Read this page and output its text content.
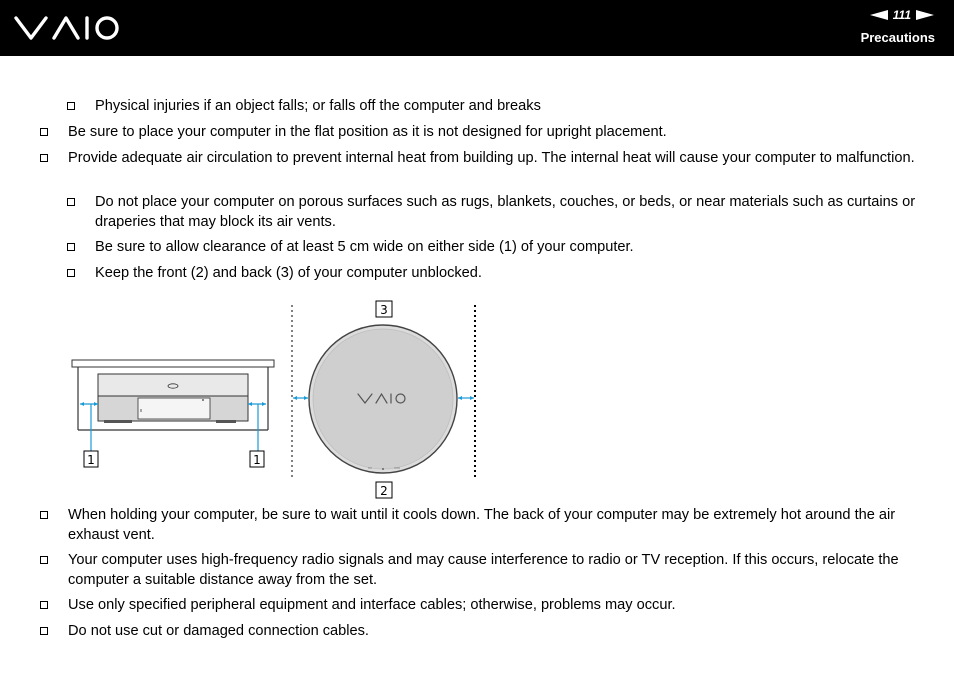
111
Precautions
Physical injuries if an object falls; or falls off the computer and breaks
Be sure to place your computer in the flat position as it is not designed for upright placement.
Provide adequate air circulation to prevent internal heat from building up. The internal heat will cause your computer to malfunction.
Do not place your computer on porous surfaces such as rugs, blankets, couches, or beds, or near materials such as curtains or draperies that may block its air vents.
Be sure to allow clearance of at least 5 cm wide on either side (1) of your computer.
Keep the front (2) and back (3) of your computer unblocked.
1	1
3
2
When holding your computer, be sure to wait until it cools down. The back of your computer may be extremely hot around the air exhaust vent.
Your computer uses high-frequency radio signals and may cause interference to radio or TV reception. If this occurs, relocate the computer a suitable distance away from the set.
Use only specified peripheral equipment and interface cables; otherwise, problems may occur.
Do not use cut or damaged connection cables.
